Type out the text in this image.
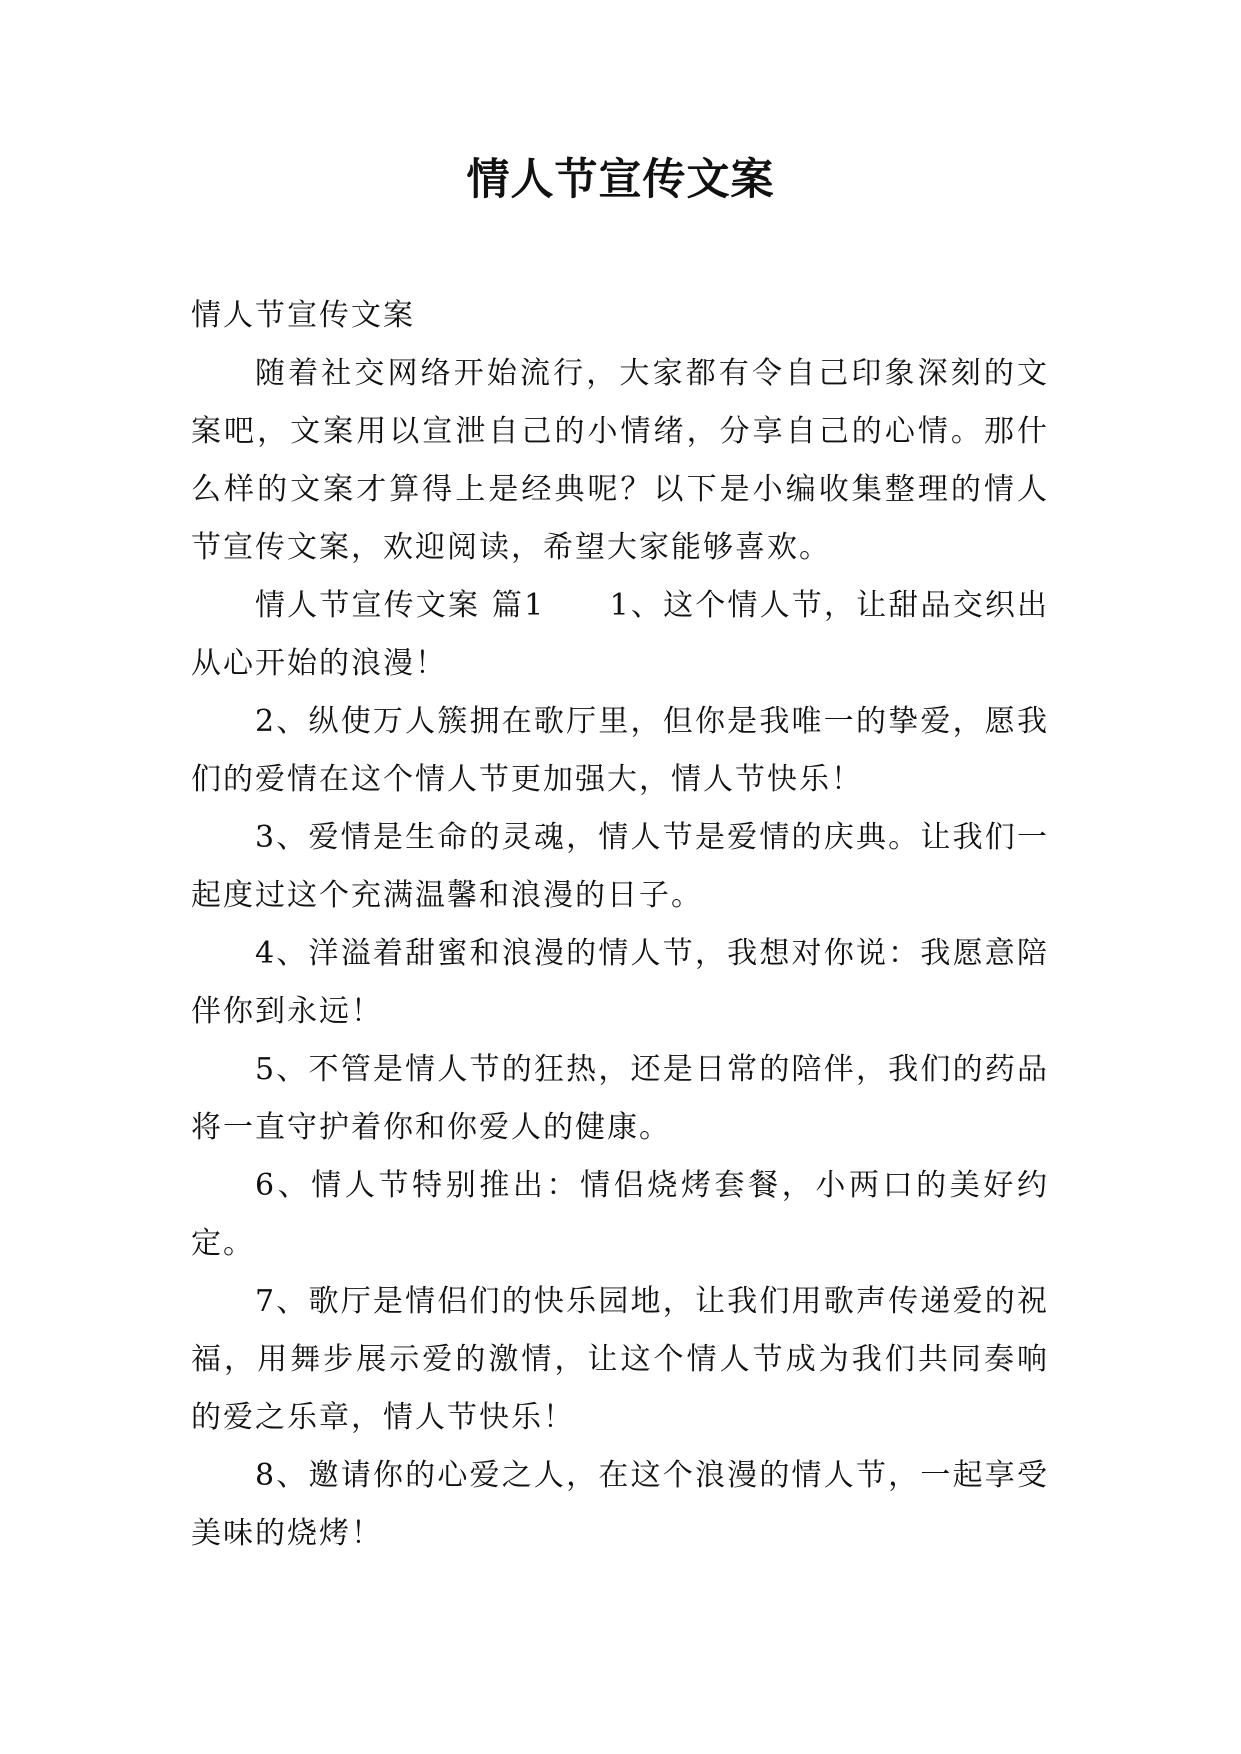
情人节宣传文案

情人节宣传文案

随着社交网络开始流行，大家都有令自己印象深刻的文案吧，文案用以宣泄自己的小情绪，分享自己的心情。那什么样的文案才算得上是经典呢？以下是小编收集整理的情人节宣传文案，欢迎阅读，希望大家能够喜欢。

情人节宣传文案 篇1　　1、这个情人节，让甜品交织出从心开始的浪漫！

2、纵使万人簇拥在歌厅里，但你是我唯一的挚爱，愿我们的爱情在这个情人节更加强大，情人节快乐！

3、爱情是生命的灵魂，情人节是爱情的庆典。让我们一起度过这个充满温馨和浪漫的日子。

4、洋溢着甜蜜和浪漫的情人节，我想对你说：我愿意陪伴你到永远！

5、不管是情人节的狂热，还是日常的陪伴，我们的药品将一直守护着你和你爱人的健康。

6、情人节特别推出：情侣烧烤套餐，小两口的美好约定。

7、歌厅是情侣们的快乐园地，让我们用歌声传递爱的祝福，用舞步展示爱的激情，让这个情人节成为我们共同奏响的爱之乐章，情人节快乐！

8、邀请你的心爱之人，在这个浪漫的情人节，一起享受美味的烧烤！
